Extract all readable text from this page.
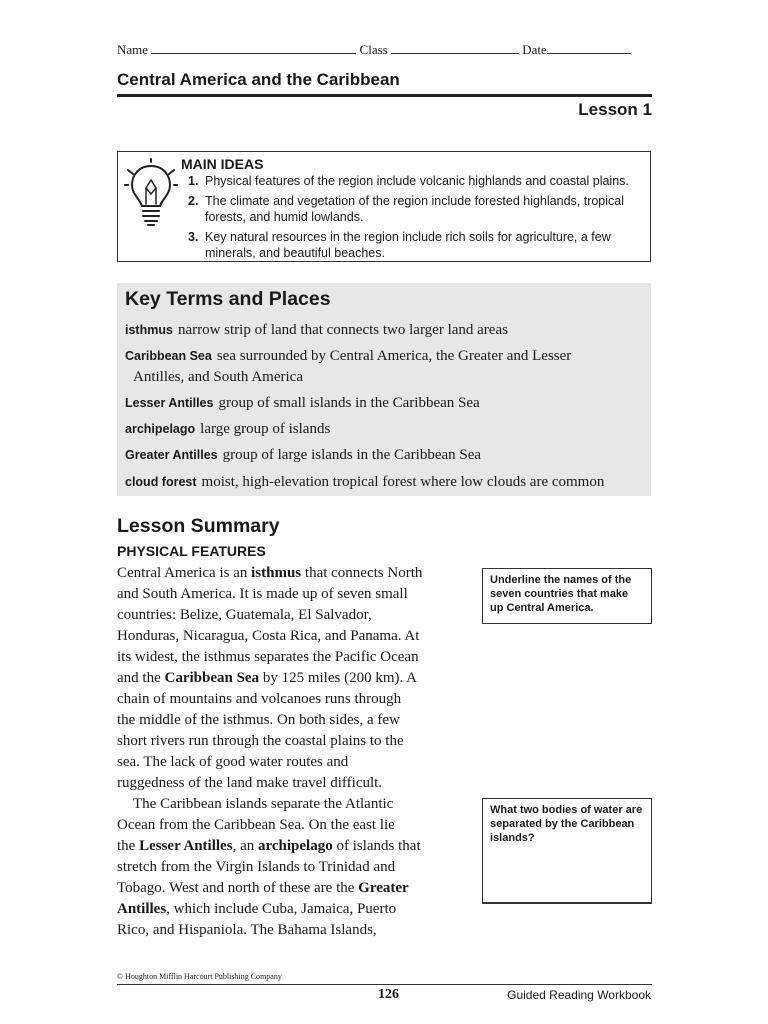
Name	Class	Date
Central America and the Caribbean
Lesson 1
MAIN IDEAS
1. Physical features of the region include volcanic highlands and coastal plains.
2. The climate and vegetation of the region include forested highlands, tropical forests, and humid lowlands.
3. Key natural resources in the region include rich soils for agriculture, a few minerals, and beautiful beaches.
Key Terms and Places
isthmus narrow strip of land that connects two larger land areas
Caribbean Sea sea surrounded by Central America, the Greater and Lesser
Antilles, and South America
Lesser Antilles group of small islands in the Caribbean Sea
archipelago large group of islands
Greater Antilles group of large islands in the Caribbean Sea
cloud forest moist, high-elevation tropical forest where low clouds are common
Lesson Summary
PHYSICAL FEATURES
Central America is an isthmus that connects North
and South America. It is made up of seven small
countries: Belize, Guatemala, El Salvador,
Honduras, Nicaragua, Costa Rica, and Panama. At
its widest, the isthmus separates the Pacific Ocean
and the Caribbean Sea by 125 miles (200 km). A
chain of mountains and volcanoes runs through
the middle of the isthmus. On both sides, a few
short rivers run through the coastal plains to the
sea. The lack of good water routes and
ruggedness of the land make travel difficult.
The Caribbean islands separate the Atlantic
Ocean from the Caribbean Sea. On the east lie
the Lesser Antilles, an archipelago of islands that
stretch from the Virgin Islands to Trinidad and
Tobago. West and north of these are the Greater
Antilles, which include Cuba, Jamaica, Puerto
Rico, and Hispaniola. The Bahama Islands,
Underline the names of the seven countries that make up Central America.
What two bodies of water are separated by the Caribbean islands?
© Houghton Mifflin Harcourt Publishing Company
126	Guided Reading Workbook
